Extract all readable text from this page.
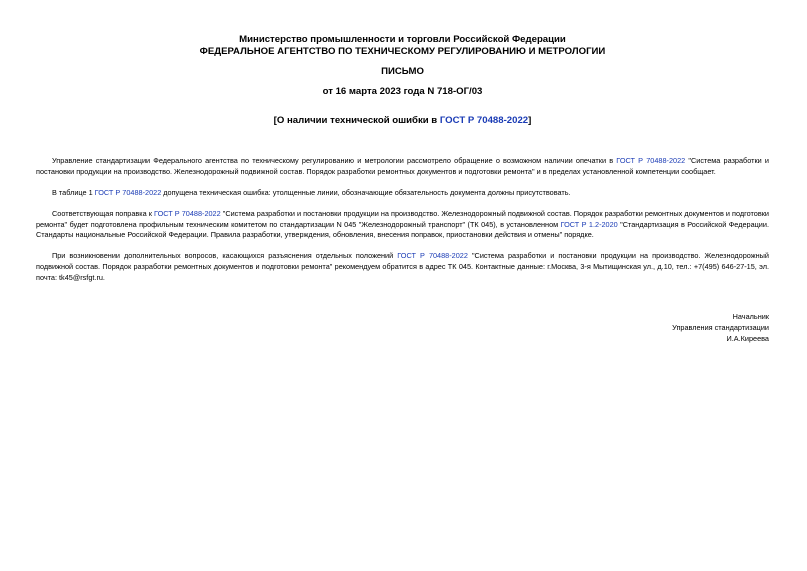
Министерство промышленности и торговли Российской Федерации
ФЕДЕРАЛЬНОЕ АГЕНТСТВО ПО ТЕХНИЧЕСКОМУ РЕГУЛИРОВАНИЮ И МЕТРОЛОГИИ
ПИСЬМО
от 16 марта 2023 года N 718-ОГ/03
[О наличии технической ошибки в ГОСТ Р 70488-2022]

Управление стандартизации Федерального агентства по техническому регулированию и метрологии рассмотрело обращение о возможном наличии опечатки в ГОСТ Р 70488-2022 "Система разработки и постановки продукции на производство. Железнодорожный подвижной состав. Порядок разработки ремонтных документов и подготовки ремонта" и в пределах установленной компетенции сообщает.

В таблице 1 ГОСТ Р 70488-2022 допущена техническая ошибка: утолщенные линии, обозначающие обязательность документа должны присутствовать.

Соответствующая поправка к ГОСТ Р 70488-2022 "Система разработки и постановки продукции на производство. Железнодорожный подвижной состав. Порядок разработки ремонтных документов и подготовки ремонта" будет подготовлена профильным техническим комитетом по стандартизации N 045 "Железнодорожный транспорт" (ТК 045), в установленном ГОСТ Р 1.2-2020 "Стандартизация в Российской Федерации. Стандарты национальные Российской Федерации. Правила разработки, утверждения, обновления, внесения поправок, приостановки действия и отмены" порядке.

При возникновении дополнительных вопросов, касающихся разъяснения отдельных положений ГОСТ Р 70488-2022 "Система разработки и постановки продукции на производство. Железнодорожный подвижной состав. Порядок разработки ремонтных документов и подготовки ремонта" рекомендуем обратится в адрес ТК 045. Контактные данные: г.Москва, 3-я Мытищинская ул., д.10, тел.: +7(495) 646-27-15, эл. почта: tk45@rsfgt.ru.

Начальник
Управления стандартизации
И.А.Киреева
